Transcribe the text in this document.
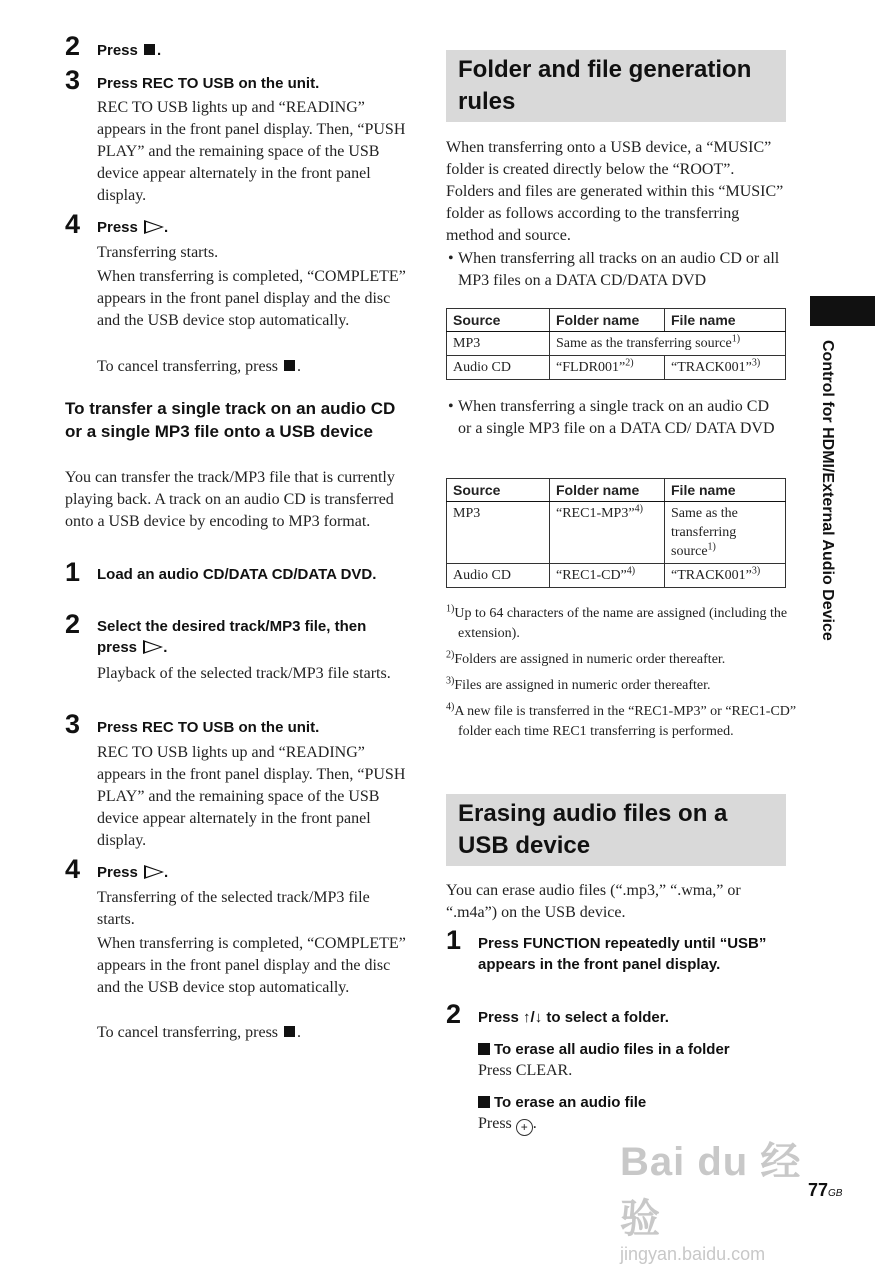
2	Press .
3	Press REC TO USB on the unit.
REC TO USB lights up and “READING” appears in the front panel display. Then, “PUSH PLAY” and the remaining space of the USB device appear alternately in the front panel display.
4	Press .
Transferring starts.
When transferring is completed, “COMPLETE” appears in the front panel display and the disc and the USB device stop automatically.
To cancel transferring, press .
To transfer a single track on an audio CD or a single MP3 file onto a USB device
You can transfer the track/MP3 file that is currently playing back. A track on an audio CD is transferred onto a USB device by encoding to MP3 format.
1	Load an audio CD/DATA CD/DATA DVD.
2	Select the desired track/MP3 file, then press .
Playback of the selected track/MP3 file starts.
3	Press REC TO USB on the unit.
REC TO USB lights up and “READING” appears in the front panel display. Then, “PUSH PLAY” and the remaining space of the USB device appear alternately in the front panel display.
4	Press .
Transferring of the selected track/MP3 file starts.
When transferring is completed, “COMPLETE” appears in the front panel display and the disc and the USB device stop automatically.
To cancel transferring, press .
Folder and file generation rules
When transferring onto a USB device, a “MUSIC” folder is created directly below the “ROOT”. Folders and files are generated within this “MUSIC” folder as follows according to the transferring method and source.
• When transferring all tracks on an audio CD or all MP3 files on a DATA CD/DATA DVD
Source	Folder name	File name
MP3	Same as the transferring source$^{1)}$
Audio CD	“FLDR001”$^{2)}$	“TRACK001”$^{3)}$
• When transferring a single track on an audio CD or a single MP3 file on a DATA CD/ DATA DVD
Source	Folder name	File name
MP3	“REC1-MP3”$^{4)}$	Same as the transferring source$^{1)}$
Audio CD	“REC1-CD”$^{4)}$	“TRACK001”$^{3)}$
$^{1)}$Up to 64 characters of the name are assigned (including the extension).
$^{2)}$Folders are assigned in numeric order thereafter.
$^{3)}$Files are assigned in numeric order thereafter.
$^{4)}$A new file is transferred in the “REC1-MP3” or “REC1-CD” folder each time REC1 transferring is performed.
Erasing audio files on a USB device
You can erase audio files (“.mp3,” “.wma,” or “.m4a”) on the USB device.
1	Press FUNCTION repeatedly until “USB” appears in the front panel display.
2	Press ↑/↓ to select a folder.
To erase all audio files in a folder
Press CLEAR.
To erase an audio file
Press + .
Control for HDMI/External Audio Device
Bai du 经验
jingyan.baidu.com
77GB
